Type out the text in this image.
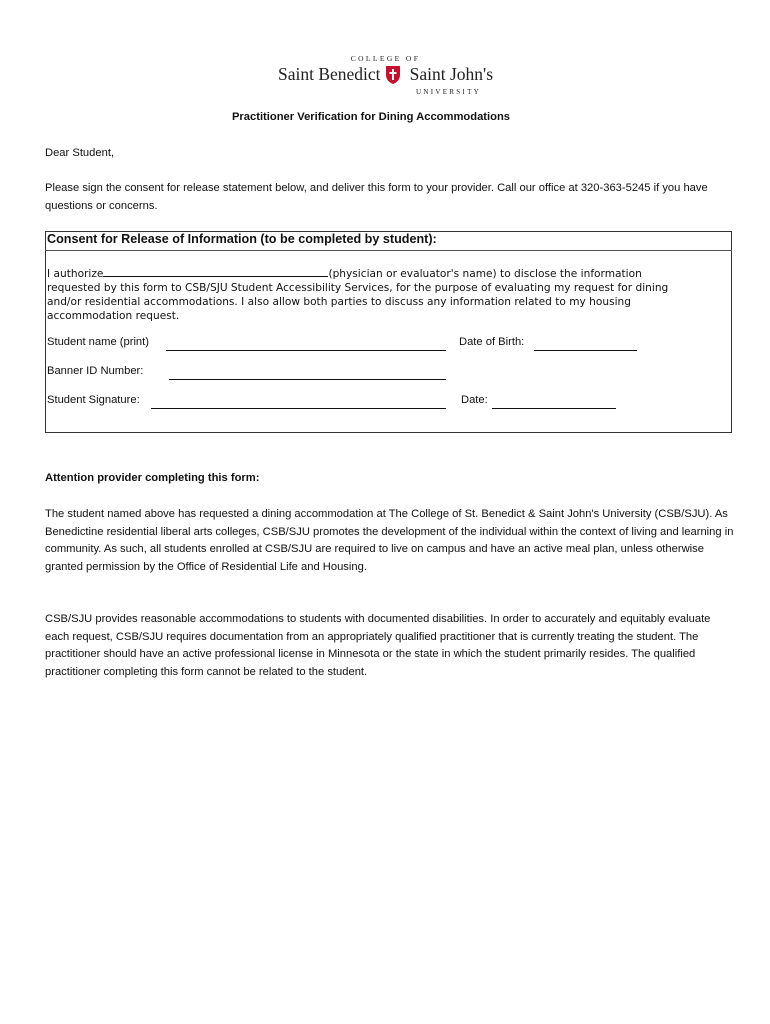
COLLEGE OF
Saint Benedict Saint John's
UNIVERSITY
Practitioner Verification for Dining Accommodations
Dear Student,
Please sign the consent for release statement below, and deliver this form to your provider. Call our office at 320-363-5245 if you have questions or concerns.
Consent for Release of Information (to be completed by student):
I authorize	(physician or evaluator's name) to disclose the information requested by this form to CSB/SJU Student Accessibility Services, for the purpose of evaluating my request for dining and/or residential accommodations. I also allow both parties to discuss any information related to my housing accommodation request.
Student name (print)	Date of Birth:
Banner ID Number:
Student Signature:	Date:
Attention provider completing this form:
The student named above has requested a dining accommodation at The College of St. Benedict & Saint John's University (CSB/SJU). As Benedictine residential liberal arts colleges, CSB/SJU promotes the development of the individual within the context of living and learning in community. As such, all students enrolled at CSB/SJU are required to live on campus and have an active meal plan, unless otherwise granted permission by the Office of Residential Life and Housing.
CSB/SJU provides reasonable accommodations to students with documented disabilities. In order to accurately and equitably evaluate each request, CSB/SJU requires documentation from an appropriately qualified practitioner that is currently treating the student. The practitioner should have an active professional license in Minnesota or the state in which the student primarily resides. The qualified practitioner completing this form cannot be related to the student.
